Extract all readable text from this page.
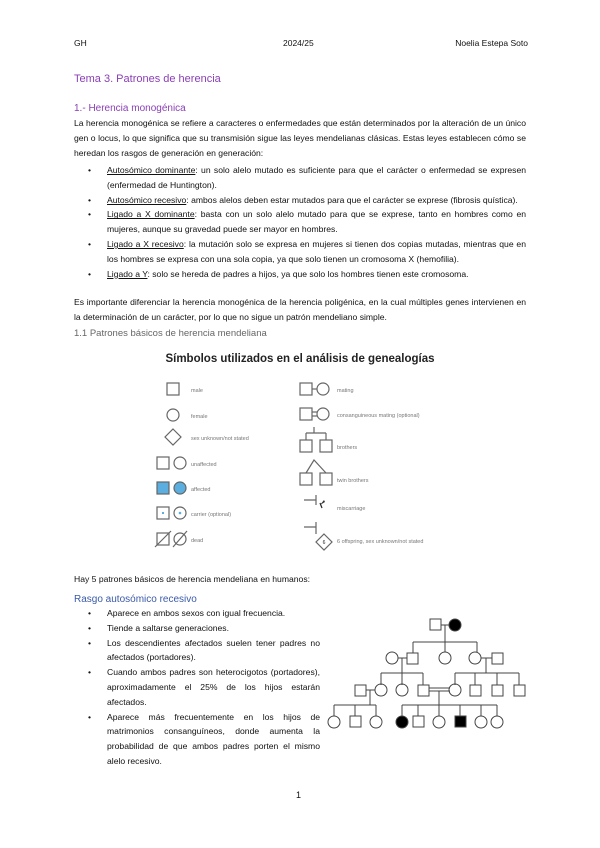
GH	2024/25	Noelia Estepa Soto
Tema 3. Patrones de herencia
1.- Herencia monogénica
La herencia monogénica se refiere a caracteres o enfermedades que están determinados por la alteración de un único gen o locus, lo que significa que su transmisión sigue las leyes mendelianas clásicas. Estas leyes establecen cómo se heredan los rasgos de generación en generación:
• Autosómico dominante: un solo alelo mutado es suficiente para que el carácter o enfermedad se expresen (enfermedad de Huntington).
• Autosómico recesivo: ambos alelos deben estar mutados para que el carácter se exprese (fibrosis quística).
• Ligado a X dominante: basta con un solo alelo mutado para que se exprese, tanto en hombres como en mujeres, aunque su gravedad puede ser mayor en hombres.
• Ligado a X recesivo: la mutación solo se expresa en mujeres si tienen dos copias mutadas, mientras que en los hombres se expresa con una sola copia, ya que solo tienen un cromosoma X (hemofilia).
• Ligado a Y: solo se hereda de padres a hijos, ya que solo los hombres tienen este cromosoma.
Es importante diferenciar la herencia monogénica de la herencia poligénica, en la cual múltiples genes intervienen en la determinación de un carácter, por lo que no sigue un patrón mendeliano simple.
1.1 Patrones básicos de herencia mendeliana
Símbolos utilizados en el análisis de genealogías
male
female
sex unknown/not stated
unaffected
affected
carrier (optional)
dead
mating
consanguineous mating (optional)
brothers
twin brothers
miscarriage
6 offspring, sex unknown/not stated
6
Hay 5 patrones básicos de herencia mendeliana en humanos:
Rasgo autosómico recesivo
• Aparece en ambos sexos con igual frecuencia.
• Tiende a saltarse generaciones.
• Los descendientes afectados suelen tener padres no afectados (portadores).
• Cuando ambos padres son heterocigotos (portadores), aproximadamente el 25% de los hijos estarán afectados.
• Aparece más frecuentemente en los hijos de matrimonios consanguíneos, donde aumenta la probabilidad de que ambos padres porten el mismo alelo recesivo.
1
